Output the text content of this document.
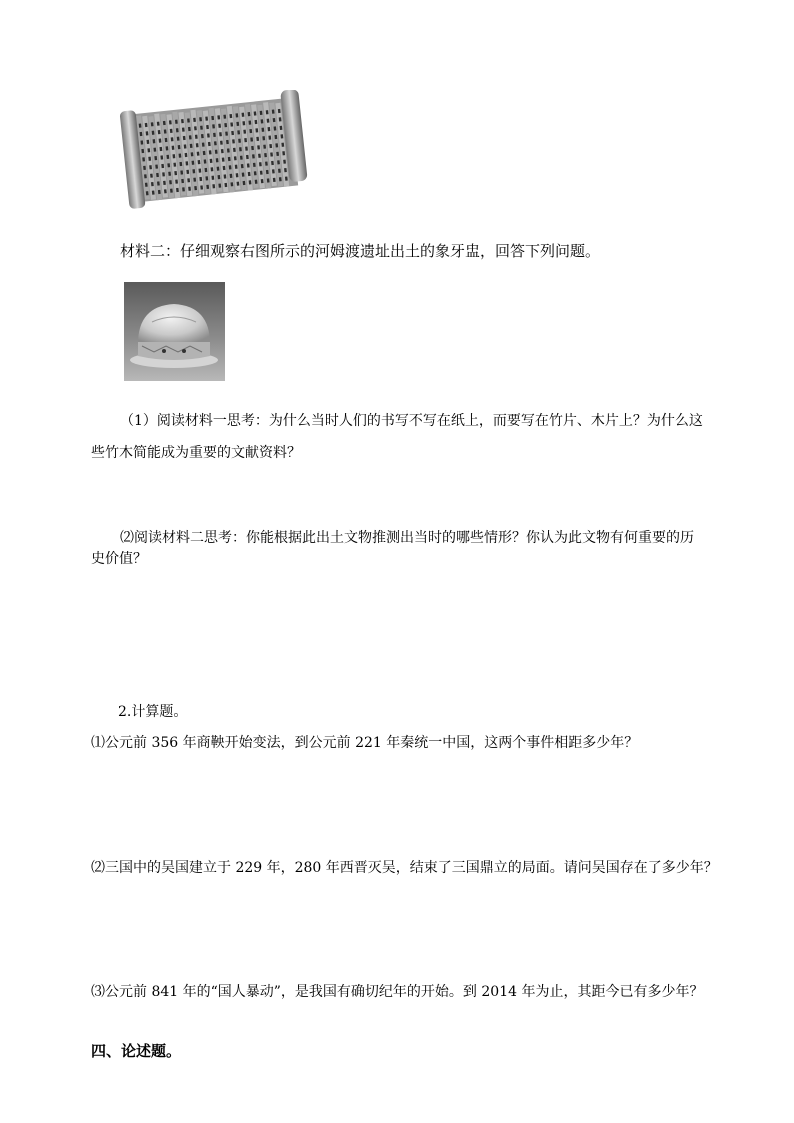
材料二：仔细观察右图所示的河姆渡遗址出土的象牙盅，回答下列问题。
（1）阅读材料一思考：为什么当时人们的书写不写在纸上，而要写在竹片、木片上？为什么这
些竹木简能成为重要的文献资料？
⑵阅读材料二思考：你能根据此出土文物推测出当时的哪些情形？你认为此文物有何重要的历
史价值？
2.计算题。
⑴公元前 356 年商鞅开始变法，到公元前 221 年秦统一中国，这两个事件相距多少年？
⑵三国中的吴国建立于 229 年，280 年西晋灭吴，结束了三国鼎立的局面。请问吴国存在了多少年？
⑶公元前 841 年的“国人暴动”，是我国有确切纪年的开始。到 2014 年为止，其距今已有多少年？
四、论述题。
